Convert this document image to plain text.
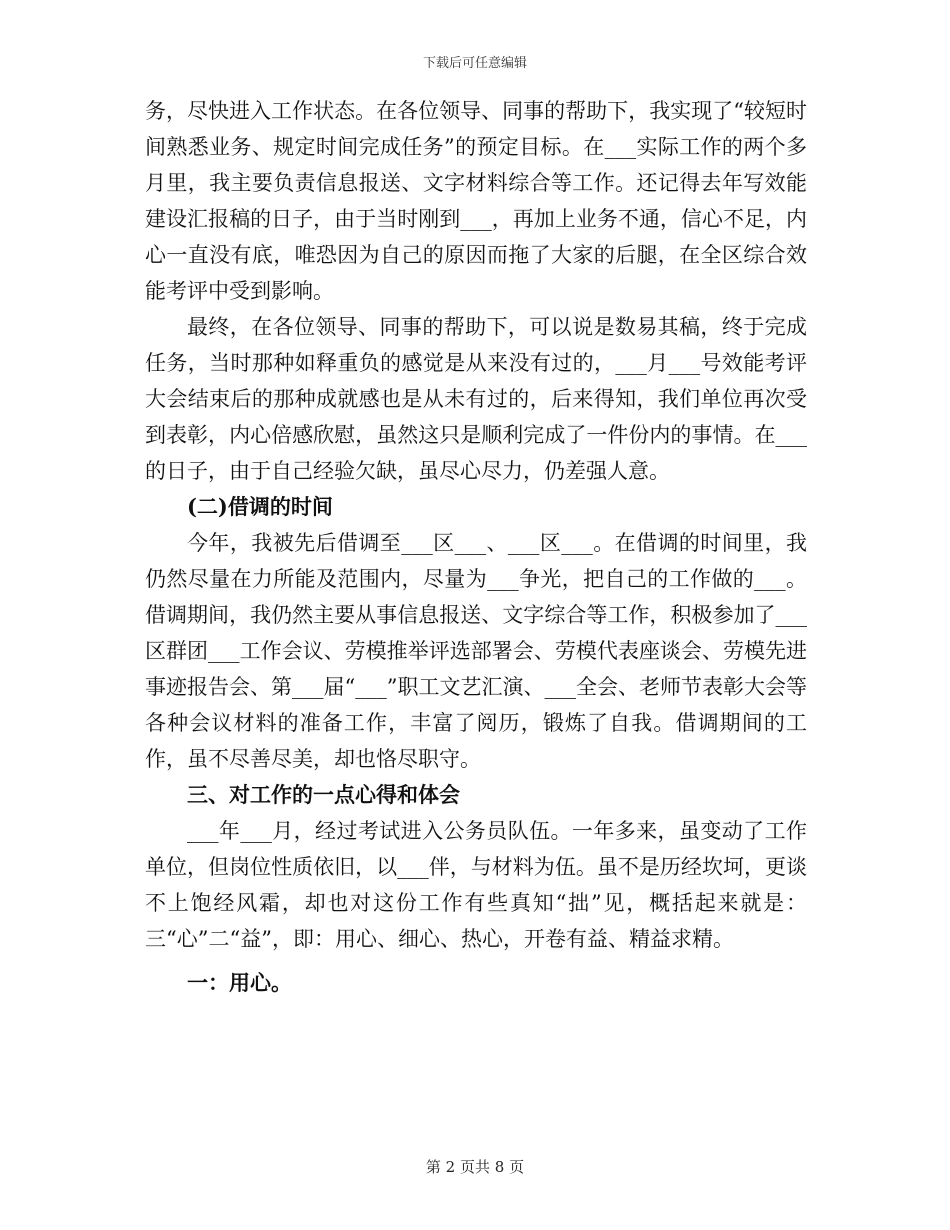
下载后可任意编辑

务，尽快进入工作状态。在各位领导、同事的帮助下，我实现了“较短时间熟悉业务、规定时间完成任务”的预定目标。在___实际工作的两个多月里，我主要负责信息报送、文字材料综合等工作。还记得去年写效能建设汇报稿的日子，由于当时刚到___，再加上业务不通，信心不足，内心一直没有底，唯恐因为自己的原因而拖了大家的后腿，在全区综合效能考评中受到影响。

最终，在各位领导、同事的帮助下，可以说是数易其稿，终于完成任务，当时那种如释重负的感觉是从来没有过的，___月___号效能考评大会结束后的那种成就感也是从未有过的，后来得知，我们单位再次受到表彰，内心倍感欣慰，虽然这只是顺利完成了一件份内的事情。在___的日子，由于自己经验欠缺，虽尽心尽力，仍差强人意。

(二)借调的时间

今年，我被先后借调至___区___、___区___。在借调的时间里，我仍然尽量在力所能及范围内，尽量为___争光，把自己的工作做的___。借调期间，我仍然主要从事信息报送、文字综合等工作，积极参加了___区群团___工作会议、劳模推举评选部署会、劳模代表座谈会、劳模先进事迹报告会、第___届“___”职工文艺汇演、___全会、老师节表彰大会等各种会议材料的准备工作，丰富了阅历，锻炼了自我。借调期间的工作，虽不尽善尽美，却也恪尽职守。

三、对工作的一点心得和体会

___年___月，经过考试进入公务员队伍。一年多来，虽变动了工作单位，但岗位性质依旧，以___伴，与材料为伍。虽不是历经坎坷，更谈不上饱经风霜，却也对这份工作有些真知“拙”见，概括起来就是：三“心”二“益”，即：用心、细心、热心，开卷有益、精益求精。

一：用心。

第 2 页共 8 页
